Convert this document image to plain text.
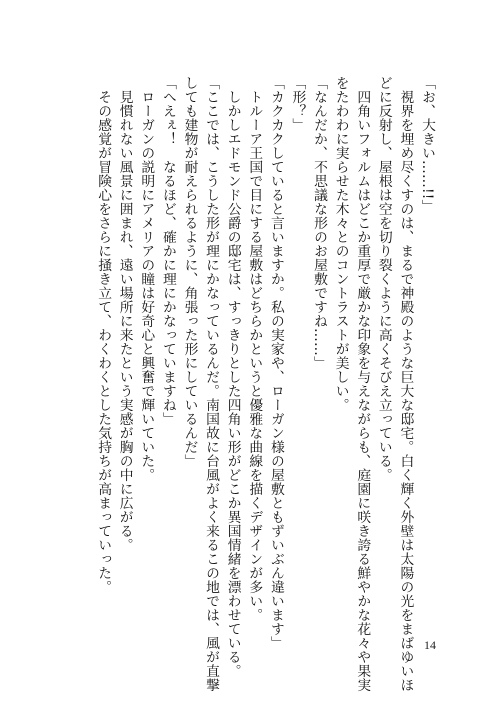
「お、大きい……!!」
視界を埋め尽くすのは、まるで神殿のような巨大な邸宅。白く輝く外壁は太陽の光をまばゆいほ
どに反射し、屋根は空を切り裂くように高くそびえ立っている。
四角いフォルムはどこか重厚で厳かな印象を与えながらも、庭園に咲き誇る鮮やかな花々や果実
をたわわに実らせた木々とのコントラストが美しい。
「なんだか、不思議な形のお屋敷ですね……」
「形？」
「カクカクしていると言いますか。私の実家や、ローガン様の屋敷ともずいぶん違います」
トルーア王国で目にする屋敷はどちらかというと優雅な曲線を描くデザインが多い。
しかしエドモンド公爵の邸宅は、すっきりとした四角い形がどこか異国情緒を漂わせている。
「ここでは、こうした形が理にかなっているんだ。南国故に台風がよく来るこの地では、風が直撃
しても建物が耐えられるように、角張った形にしているんだ」
「へえぇ！　なるほど、確かに理にかなっていますね」
ローガンの説明にアメリアの瞳は好奇心と興奮で輝いていた。
見慣れない風景に囲まれ、遠い場所に来たという実感が胸の中に広がる。
その感覚が冒険心をさらに掻き立て、わくわくとした気持ちが高まっていった。
14
